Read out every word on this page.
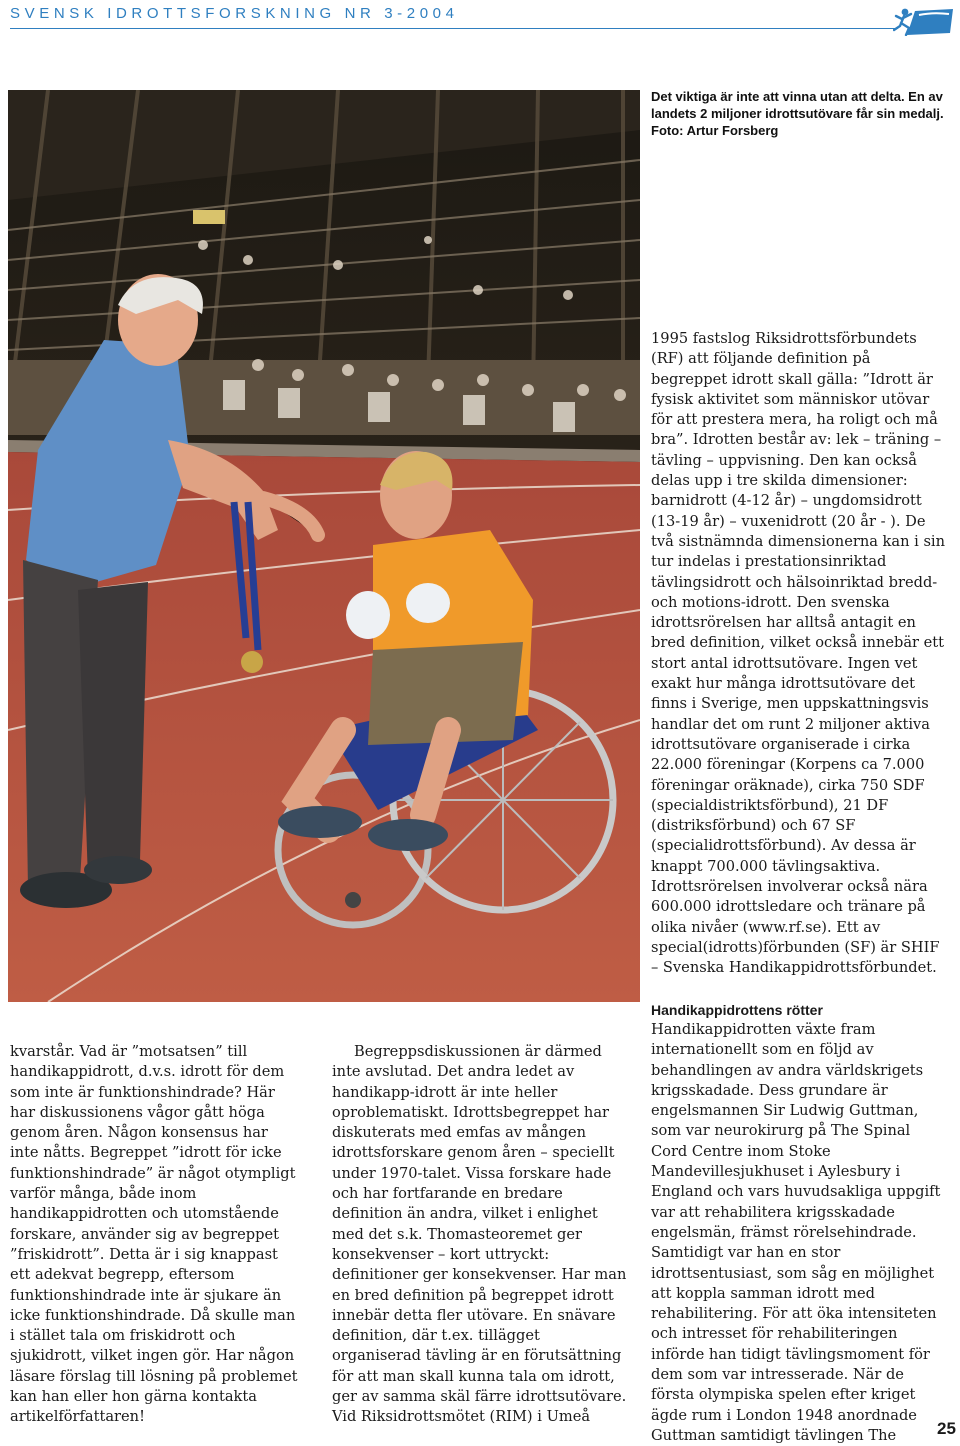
SVENSK IDROTTSFORSKNING NR 3-2004
Det viktiga är inte att vinna utan att delta. En av landets 2 miljoner idrottsutövare får sin medalj. Foto: Artur Forsberg

1995 fastslog Riksidrottsförbundets (RF) att följande definition på begreppet idrott skall gälla: ”Idrott är fysisk aktivitet som människor utövar för att prestera mera, ha roligt och må bra”. Idrotten består av: lek – träning – tävling – uppvisning. Den kan också delas upp i tre skilda dimensioner: barnidrott (4-12 år) – ungdomsidrott (13-19 år) – vuxenidrott (20 år - ). De två sistnämnda dimensionerna kan i sin tur indelas i prestationsinriktad tävlingsidrott och hälsoinriktad bredd- och motions-idrott. Den svenska idrottsrörelsen har alltså antagit en bred definition, vilket också innebär ett stort antal idrottsutövare. Ingen vet exakt hur många idrottsutövare det finns i Sverige, men uppskattningsvis handlar det om runt 2 miljoner aktiva idrottsutövare organiserade i cirka 22.000 föreningar (Korpens ca 7.000 föreningar oräknade), cirka 750 SDF (specialdistriktsförbund), 21 DF (distriksförbund) och 67 SF (specialidrottsförbund). Av dessa är knappt 700.000 tävlingsaktiva. Idrottsrörelsen involverar också nära 600.000 idrottsledare och tränare på olika nivåer (www.rf.se). Ett av special(idrotts)förbunden (SF) är SHIF – Svenska Handikappidrottsförbundet.

kvarstår. Vad är ”motsatsen” till handikappidrott, d.v.s. idrott för dem som inte är funktionshindrade? Här har diskussionens vågor gått höga genom åren. Någon konsensus har inte nåtts. Begreppet ”idrott för icke funktionshindrade” är något otympligt varför många, både inom handikappidrotten och utomstående forskare, använder sig av begreppet ”friskidrott”. Detta är i sig knappast ett adekvat begrepp, eftersom funktionshindrade inte är sjukare än icke funktionshindrade. Då skulle man i stället tala om friskidrott och sjukidrott, vilket ingen gör. Har någon läsare förslag till lösning på problemet kan han eller hon gärna kontakta artikelförfattaren!

Begreppsdiskussionen är därmed inte avslutad. Det andra ledet av handikapp-idrott är inte heller oproblematiskt. Idrottsbegreppet har diskuterats med emfas av mången idrottsforskare genom åren – speciellt under 1970-talet. Vissa forskare hade och har fortfarande en bredare definition än andra, vilket i enlighet med det s.k. Thomasteoremet ger konsekvenser – kort uttryckt: definitioner ger konsekvenser. Har man en bred definition på begreppet idrott innebär detta fler utövare. En snävare definition, där t.ex. tillägget organiserad tävling är en förutsättning för att man skall kunna tala om idrott, ger av samma skäl färre idrottsutövare. Vid Riksidrottsmötet (RIM) i Umeå

Handikappidrottens rötter

Handikappidrotten växte fram internationellt som en följd av behandlingen av andra världskrigets krigsskadade. Dess grundare är engelsmannen Sir Ludwig Guttman, som var neurokirurg på The Spinal Cord Centre inom Stoke Mandevillesjukhuset i Aylesbury i England och vars huvudsakliga uppgift var att rehabilitera krigsskadade engelsmän, främst rörelsehindrade. Samtidigt var han en stor idrottsentusiast, som såg en möjlighet att koppla samman idrott med rehabilitering. För att öka intensiteten och intresset för rehabiliteringen införde han tidigt tävlingsmoment för dem som var intresserade. När de första olympiska spelen efter kriget ägde rum i London 1948 anordnade Guttman samtidigt tävlingen The	25
